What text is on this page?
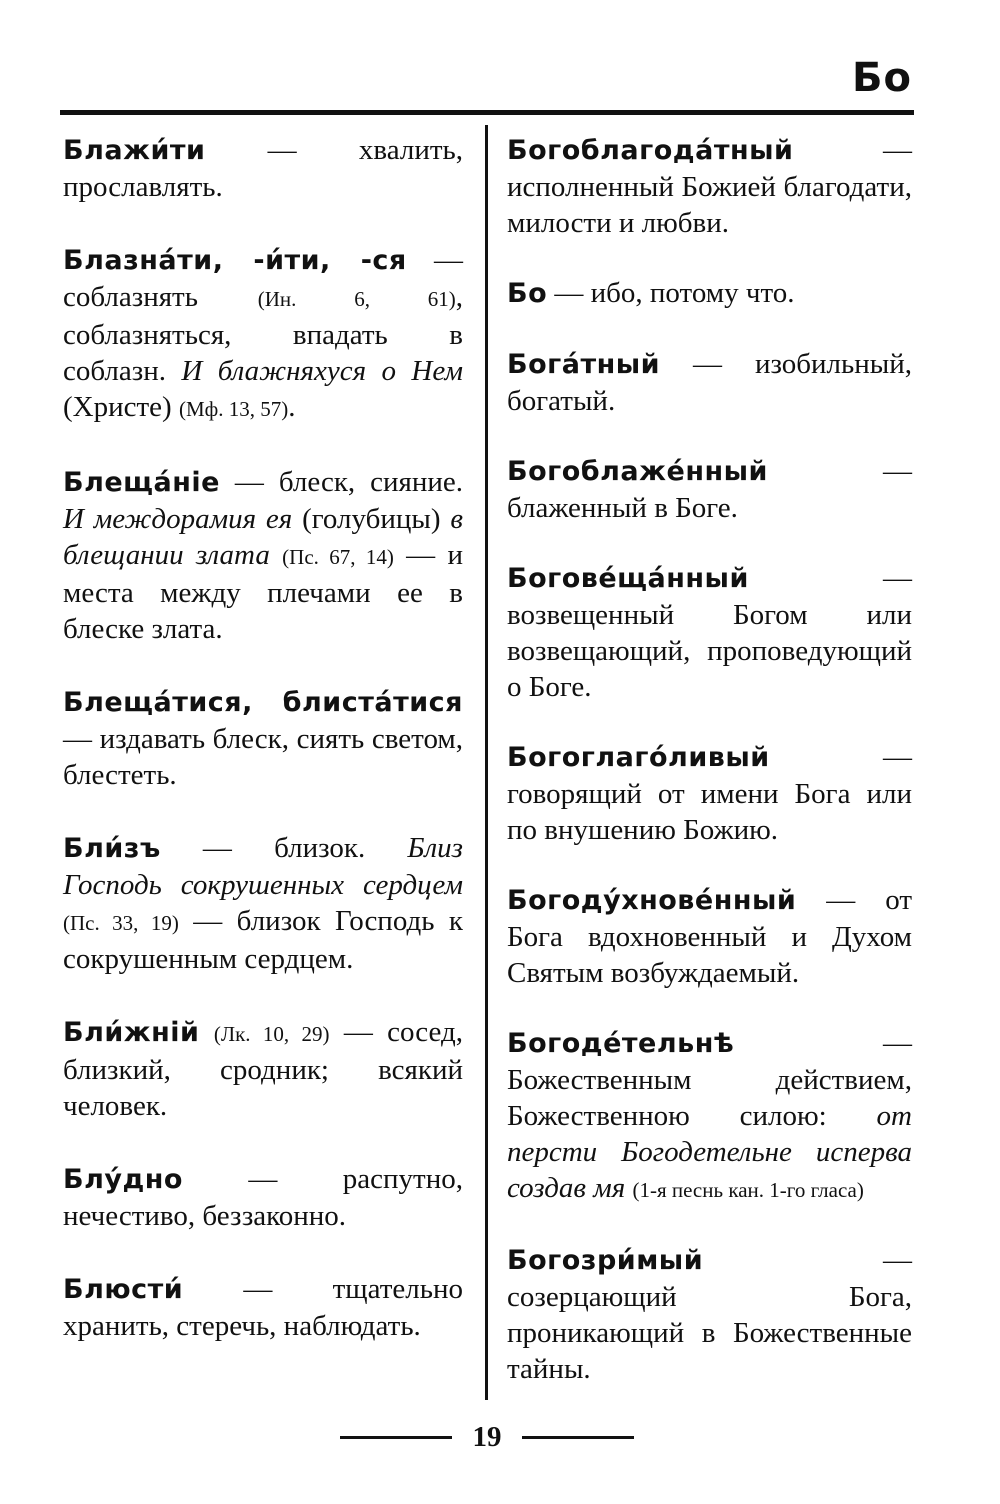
Бо

Блажи́ти — хвалить, прославлять.

Блазна́ти, -и́ти, -ся — соблазнять (Ин. 6, 61), соблазняться, впадать в соблазн. И блажняхуся о Нем (Христе) (Мф. 13, 57).

Блеща́ніе — блеск, сияние. И междорамия ея (голубицы) в блещании злата (Пс. 67, 14) — и места между плечами ее в блеске злата.

Блеща́тися, блиста́тися — издавать блеск, сиять светом, блестеть.

Бли́зъ — близок. Близ Господь сокрушенных сердцем (Пс. 33, 19) — близок Господь к сокрушенным сердцем.

Бли́жній (Лк. 10, 29) — сосед, близкий, сродник; всякий человек.

Блу́дно — распутно, нечестиво, беззаконно.

Блюсти́ — тщательно хранить, стеречь, наблюдать.

Богоблагода́тный — исполненный Божией благодати, милости и любви.

Бо — ибо, потому что.

Бога́тный — изобильный, богатый.

Богоблаже́нный — блаженный в Боге.

Богове́ща́нный — возвещенный Богом или возвещающий, проповедующий о Боге.

Богоглаго́ливый — говорящий от имени Бога или по внушению Божию.

Богоду́хнове́нный — от Бога вдохновенный и Духом Святым возбуждаемый.

Богоде́тельнѣ — Божественным действием, Божественною силою: от персти Богодетельне исперва создав мя (1-я песнь кан. 1-го гласа)

Богозри́мый — созерцающий Бога, проникающий в Божественные тайны.

19
